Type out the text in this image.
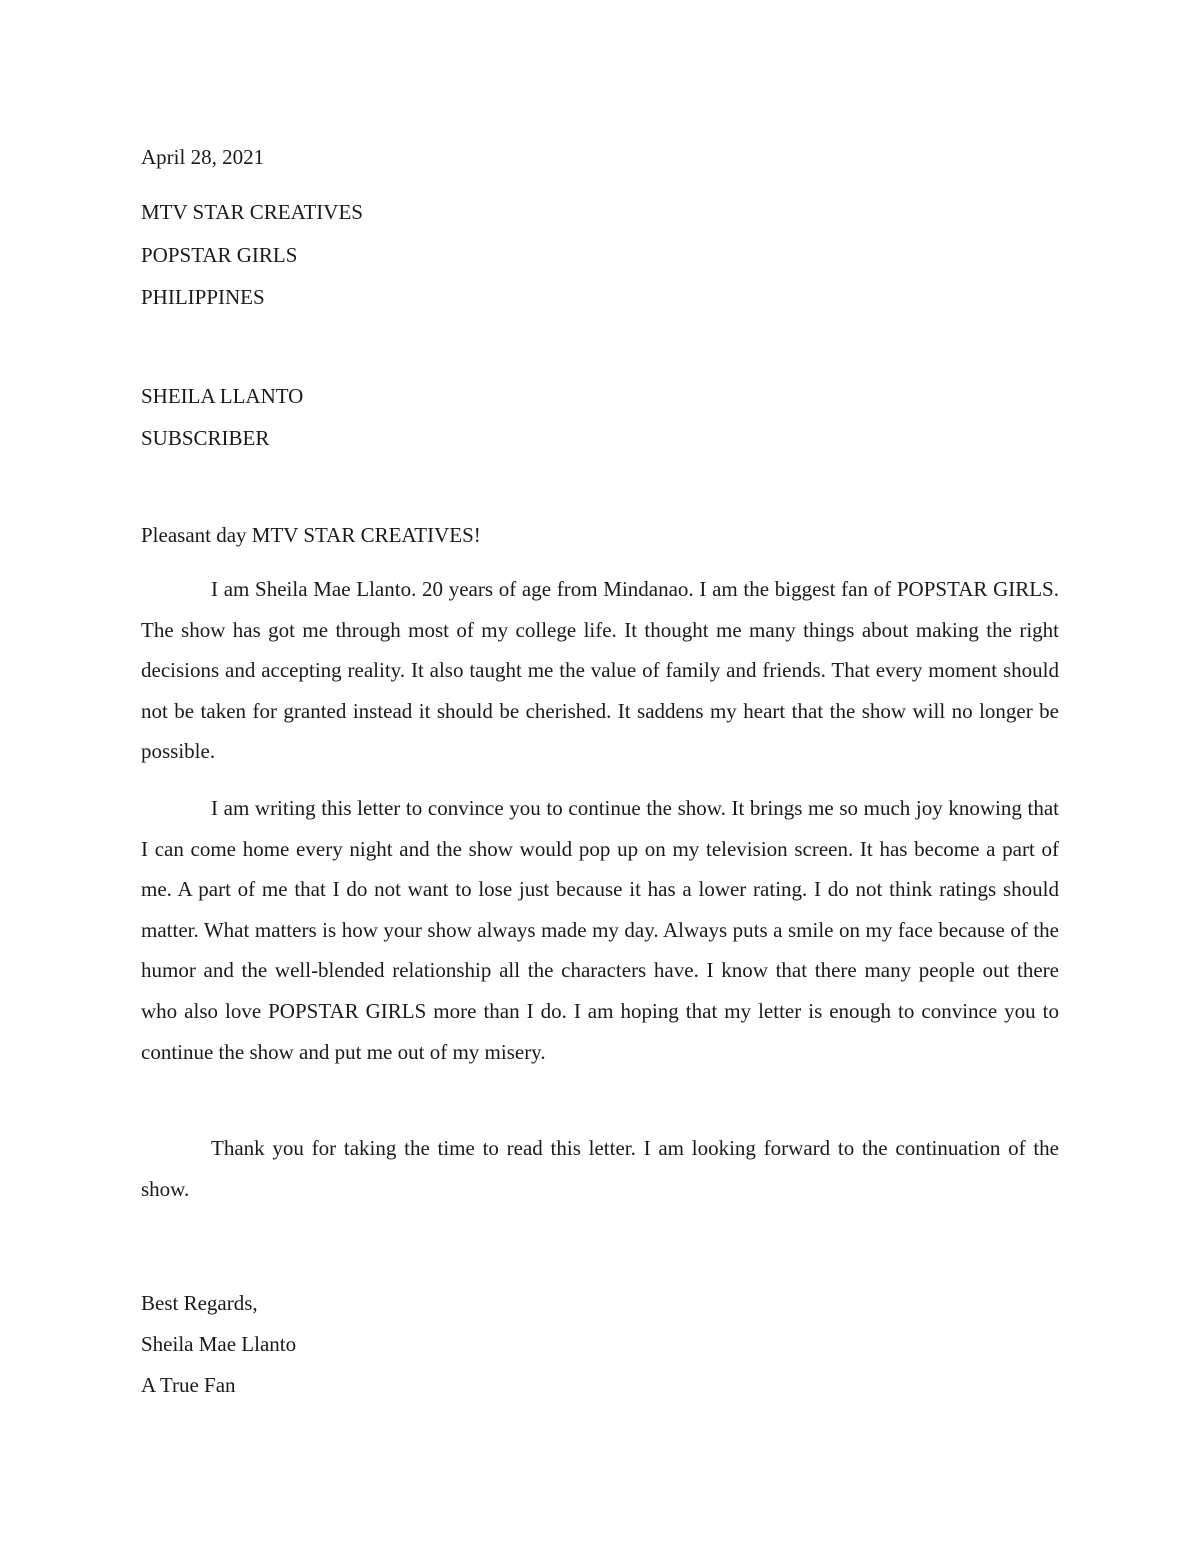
April 28, 2021
MTV STAR CREATIVES
POPSTAR GIRLS
PHILIPPINES
SHEILA LLANTO
SUBSCRIBER
Pleasant day MTV STAR CREATIVES!
I am Sheila Mae Llanto. 20 years of age from Mindanao. I am the biggest fan of POPSTAR GIRLS. The show has got me through most of my college life. It thought me many things about making the right decisions and accepting reality. It also taught me the value of family and friends. That every moment should not be taken for granted instead it should be cherished. It saddens my heart that the show will no longer be possible.
I am writing this letter to convince you to continue the show. It brings me so much joy knowing that I can come home every night and the show would pop up on my television screen. It has become a part of me. A part of me that I do not want to lose just because it has a lower rating. I do not think ratings should matter. What matters is how your show always made my day. Always puts a smile on my face because of the humor and the well-blended relationship all the characters have. I know that there many people out there who also love POPSTAR GIRLS more than I do. I am hoping that my letter is enough to convince you to continue the show and put me out of my misery.
Thank you for taking the time to read this letter. I am looking forward to the continuation of the show.
Best Regards,
Sheila Mae Llanto
A True Fan
